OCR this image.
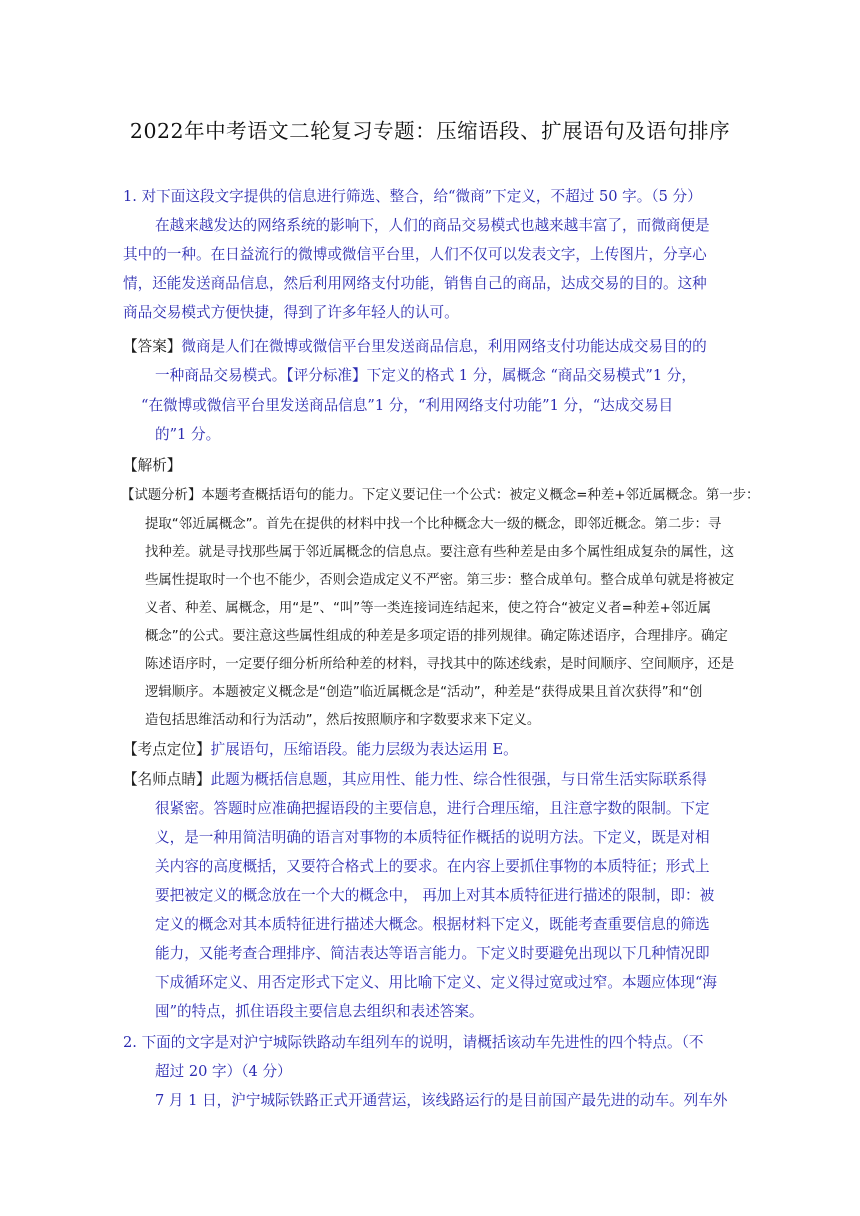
2022年中考语文二轮复习专题：压缩语段、扩展语句及语句排序
1. 对下面这段文字提供的信息进行筛选、整合，给“微商”下定义，不超过 50 字。（5 分）
在越来越发达的网络系统的影响下，人们的商品交易模式也越来越丰富了，而微商便是
其中的一种。在日益流行的微博或微信平台里，人们不仅可以发表文字，上传图片，分享心
情，还能发送商品信息，然后利用网络支付功能，销售自己的商品，达成交易的目的。这种
商品交易模式方便快捷，得到了许多年轻人的认可。
【答案】微商是人们在微博或微信平台里发送商品信息，利用网络支付功能达成交易目的的
一种商品交易模式。【评分标准】下定义的格式 1 分，属概念 “商品交易模式”1 分，
“在微博或微信平台里发送商品信息”1 分，“利用网络支付功能”1 分，“达成交易目
的”1 分。
【解析】
【试题分析】本题考查概括语句的能力。下定义要记住一个公式：被定义概念=种差+邻近属概念。第一步：
提取“邻近属概念”。首先在提供的材料中找一个比种概念大一级的概念，即邻近概念。第二步：寻
找种差。就是寻找那些属于邻近属概念的信息点。要注意有些种差是由多个属性组成复杂的属性，这
些属性提取时一个也不能少，否则会造成定义不严密。第三步：整合成单句。整合成单句就是将被定
义者、种差、属概念，用“是”、“叫”等一类连接词连结起来，使之符合“被定义者=种差+邻近属
概念”的公式。要注意这些属性组成的种差是多项定语的排列规律。确定陈述语序，合理排序。确定
陈述语序时，一定要仔细分析所给种差的材料，寻找其中的陈述线索，是时间顺序、空间顺序，还是
逻辑顺序。本题被定义概念是“创造”临近属概念是“活动”，种差是“获得成果且首次获得”和“创
造包括思维活动和行为活动”，然后按照顺序和字数要求来下定义。
【考点定位】扩展语句，压缩语段。能力层级为表达运用 E。
【名师点睛】此题为概括信息题，其应用性、能力性、综合性很强，与日常生活实际联系得
很紧密。答题时应准确把握语段的主要信息，进行合理压缩，且注意字数的限制。下定
义，是一种用简洁明确的语言对事物的本质特征作概括的说明方法。下定义，既是对相
关内容的高度概括，又要符合格式上的要求。在内容上要抓住事物的本质特征；形式上
要把被定义的概念放在一个大的概念中， 再加上对其本质特征进行描述的限制，即：被
定义的概念对其本质特征进行描述大概念。根据材料下定义，既能考查重要信息的筛选
能力，又能考查合理排序、简洁表达等语言能力。下定义时要避免出现以下几种情况即
下成循环定义、用否定形式下定义、用比喻下定义、定义得过宽或过窄。本题应体现“海
囤”的特点，抓住语段主要信息去组织和表述答案。
2. 下面的文字是对沪宁城际铁路动车组列车的说明，请概括该动车先进性的四个特点。（不
超过 20 字）（4 分）
7 月 1 日，沪宁城际铁路正式开通营运，该线路运行的是目前国产最先进的动车。列车外
